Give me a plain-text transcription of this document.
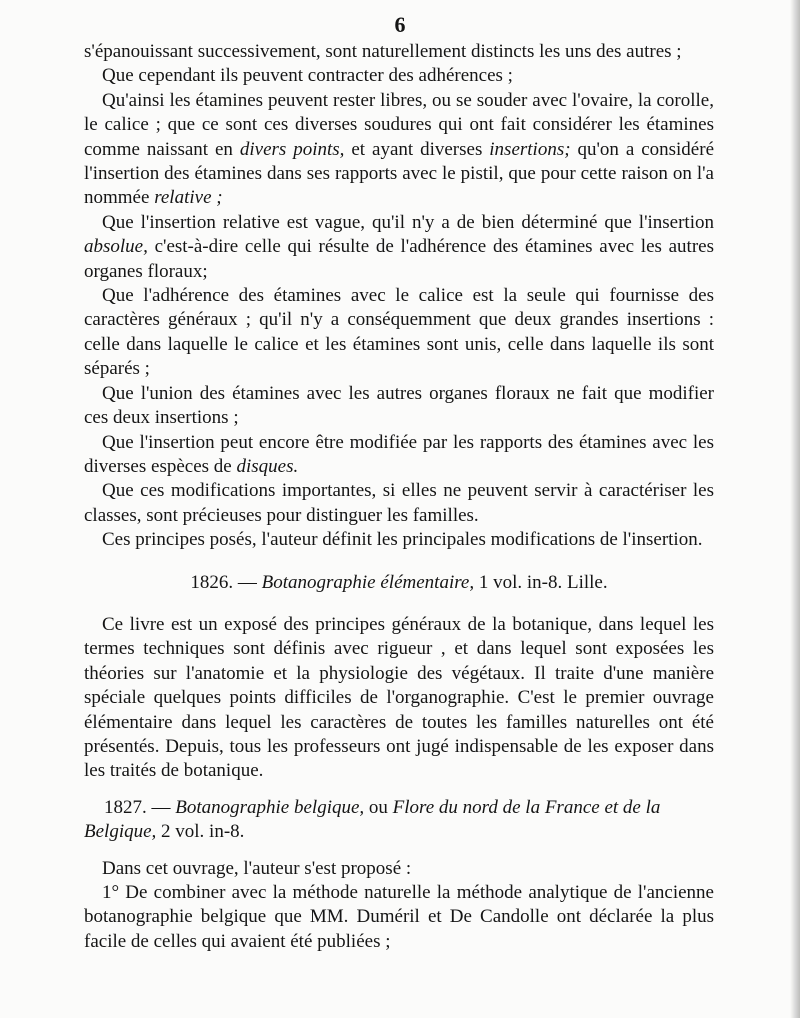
6

s'épanouissant successivement, sont naturellement distincts les uns des autres ;

Que cependant ils peuvent contracter des adhérences ;

Qu'ainsi les étamines peuvent rester libres, ou se souder avec l'ovaire, la corolle, le calice ; que ce sont ces diverses soudures qui ont fait considérer les étamines comme naissant en divers points, et ayant diverses insertions; qu'on a considéré l'insertion des étamines dans ses rapports avec le pistil, que pour cette raison on l'a nommée relative ;

Que l'insertion relative est vague, qu'il n'y a de bien déterminé que l'insertion absolue, c'est-à-dire celle qui résulte de l'adhérence des étamines avec les autres organes floraux;

Que l'adhérence des étamines avec le calice est la seule qui fournisse des caractères généraux ; qu'il n'y a conséquemment que deux grandes insertions : celle dans laquelle le calice et les étamines sont unis, celle dans laquelle ils sont séparés ;

Que l'union des étamines avec les autres organes floraux ne fait que modifier ces deux insertions ;

Que l'insertion peut encore être modifiée par les rapports des étamines avec les diverses espèces de disques.

Que ces modifications importantes, si elles ne peuvent servir à caractériser les classes, sont précieuses pour distinguer les familles.

Ces principes posés, l'auteur définit les principales modifications de l'insertion.

1826. — Botanographie élémentaire, 1 vol. in-8. Lille.

Ce livre est un exposé des principes généraux de la botanique, dans lequel les termes techniques sont définis avec rigueur , et dans lequel sont exposées les théories sur l'anatomie et la physiologie des végétaux. Il traite d'une manière spéciale quelques points difficiles de l'organographie. C'est le premier ouvrage élémentaire dans lequel les caractères de toutes les familles naturelles ont été présentés. Depuis, tous les professeurs ont jugé indispensable de les exposer dans les traités de botanique.

1827. — Botanographie belgique, ou Flore du nord de la France et de la Belgique, 2 vol. in-8.

Dans cet ouvrage, l'auteur s'est proposé :

1° De combiner avec la méthode naturelle la méthode analytique de l'ancienne botanographie belgique que MM. Duméril et De Candolle ont déclarée la plus facile de celles qui avaient été publiées ;
